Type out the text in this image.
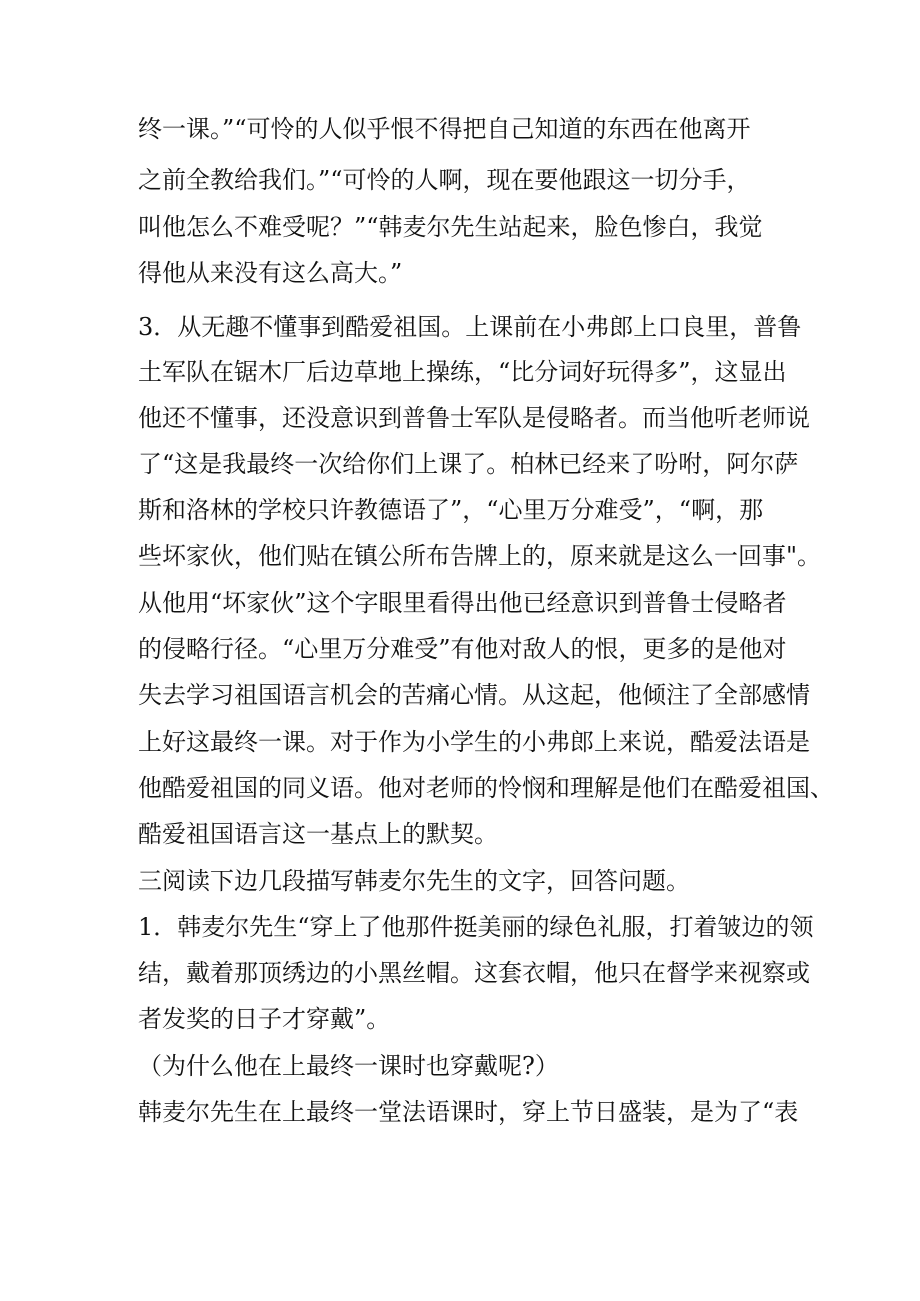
终一课。”“可怜的人似乎恨不得把自己知道的东西在他离开
之前全教给我们。”“可怜的人啊，现在要他跟这一切分手，
叫他怎么不难受呢？”“韩麦尔先生站起来，脸色惨白，我觉
得他从来没有这么高大。”
3．从无趣不懂事到酷爱祖国。上课前在小弗郎上口良里，普鲁
土军队在锯木厂后边草地上操练，“比分词好玩得多”，这显出
他还不懂事，还没意识到普鲁士军队是侵略者。而当他听老师说
了“这是我最终一次给你们上课了。柏林已经来了吩咐，阿尔萨
斯和洛林的学校只许教德语了”，“心里万分难受”，“啊，那
些坏家伙，他们贴在镇公所布告牌上的，原来就是这么一回事"。
从他用“坏家伙”这个字眼里看得出他已经意识到普鲁士侵略者
的侵略行径。“心里万分难受”有他对敌人的恨，更多的是他对
失去学习祖国语言机会的苦痛心情。从这起，他倾注了全部感情
上好这最终一课。对于作为小学生的小弗郎上来说，酷爱法语是
他酷爱祖国的同义语。他对老师的怜悯和理解是他们在酷爱祖国、
酷爱祖国语言这一基点上的默契。
三阅读下边几段描写韩麦尔先生的文字，回答问题。
1．韩麦尔先生“穿上了他那件挺美丽的绿色礼服，打着皱边的领
结，戴着那顶绣边的小黑丝帽。这套衣帽，他只在督学来视察或
者发奖的日子才穿戴”。
（为什么他在上最终一课时也穿戴呢?）
韩麦尔先生在上最终一堂法语课时，穿上节日盛装，是为了“表
